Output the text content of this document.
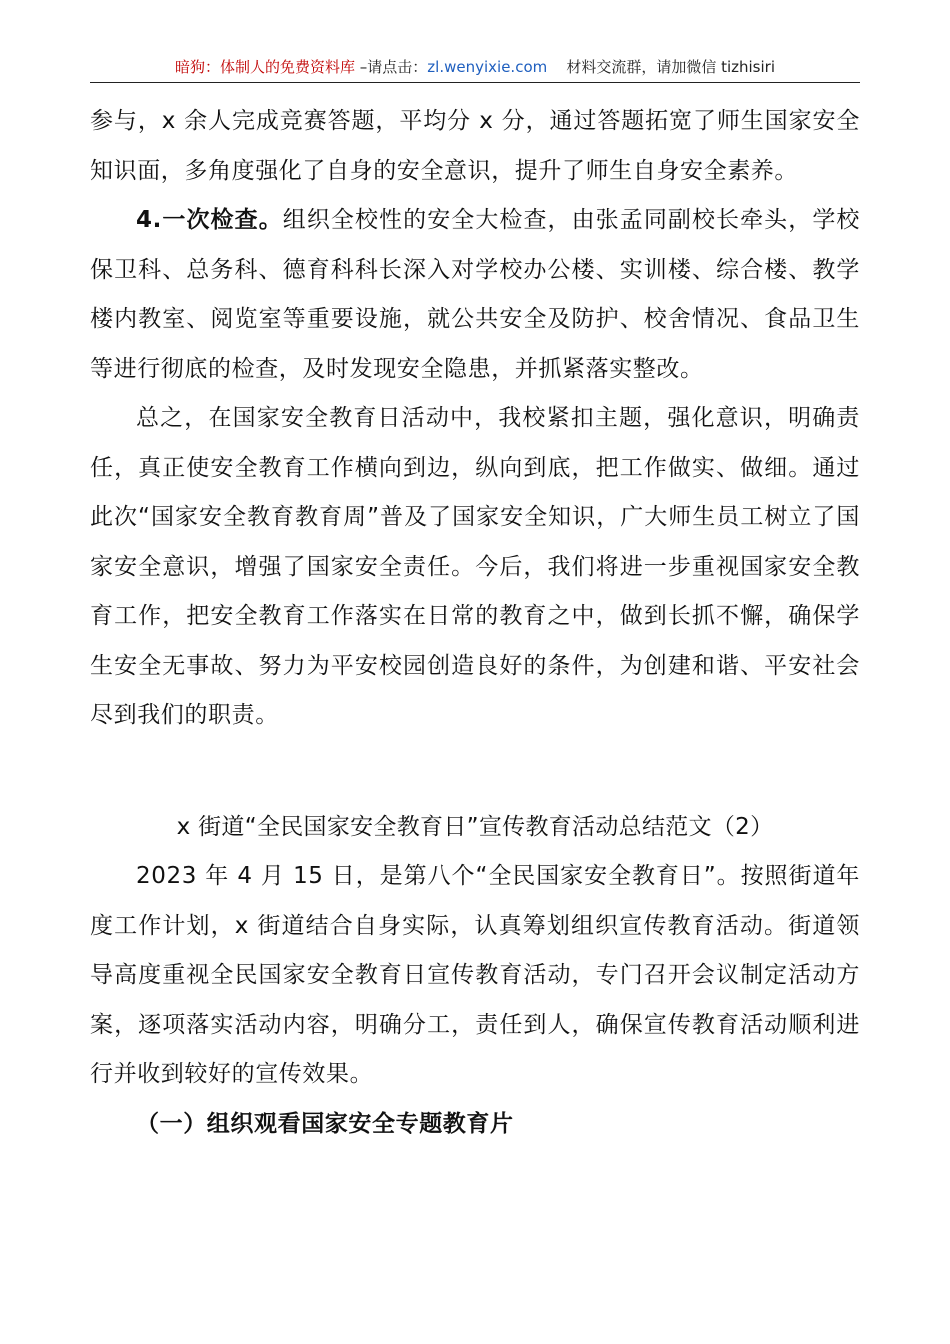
暗狗：体制人的免费资料库 –请点击：zl.wenyixie.com 材料交流群，请加微信 tizhisiri

参与，x 余人完成竞赛答题，平均分 x 分，通过答题拓宽了师生国家安全知识面，多角度强化了自身的安全意识，提升了师生自身安全素养。

4.一次检查。组织全校性的安全大检查，由张孟同副校长牵头，学校保卫科、总务科、德育科科长深入对学校办公楼、实训楼、综合楼、教学楼内教室、阅览室等重要设施，就公共安全及防护、校舍情况、食品卫生等进行彻底的检查，及时发现安全隐患，并抓紧落实整改。

总之，在国家安全教育日活动中，我校紧扣主题，强化意识，明确责任，真正使安全教育工作横向到边，纵向到底，把工作做实、做细。通过此次“国家安全教育教育周”普及了国家安全知识，广大师生员工树立了国家安全意识，增强了国家安全责任。今后，我们将进一步重视国家安全教育工作，把安全教育工作落实在日常的教育之中，做到长抓不懈，确保学生安全无事故、努力为平安校园创造良好的条件，为创建和谐、平安社会尽到我们的职责。

x 街道“全民国家安全教育日”宣传教育活动总结范文（2）

2023 年 4 月 15 日，是第八个“全民国家安全教育日”。按照街道年度工作计划，x 街道结合自身实际，认真筹划组织宣传教育活动。街道领导高度重视全民国家安全教育日宣传教育活动，专门召开会议制定活动方案，逐项落实活动内容，明确分工，责任到人，确保宣传教育活动顺利进行并收到较好的宣传效果。

（一）组织观看国家安全专题教育片
